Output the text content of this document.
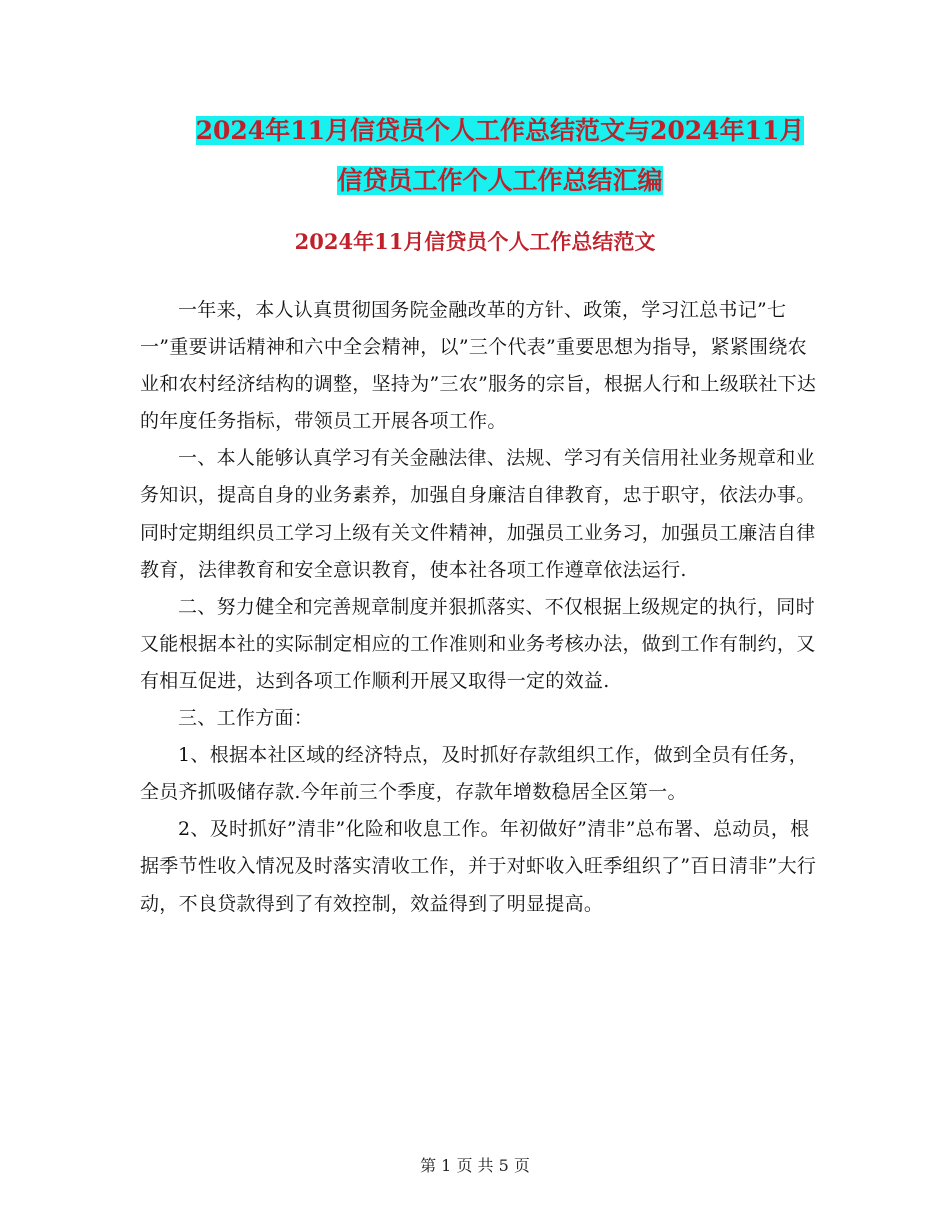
2024年11月信贷员个人工作总结范文与2024年11月
信贷员工作个人工作总结汇编
2024年11月信贷员个人工作总结范文

一年来，本人认真贯彻国务院金融改革的方针、政策，学习江总书记”七一”重要讲话精神和六中全会精神，以”三个代表”重要思想为指导，紧紧围绕农业和农村经济结构的调整，坚持为”三农”服务的宗旨，根据人行和上级联社下达的年度任务指标，带领员工开展各项工作。

一、本人能够认真学习有关金融法律、法规、学习有关信用社业务规章和业务知识，提高自身的业务素养，加强自身廉洁自律教育，忠于职守，依法办事。同时定期组织员工学习上级有关文件精神，加强员工业务习，加强员工廉洁自律教育，法律教育和安全意识教育，使本社各项工作遵章依法运行.

二、努力健全和完善规章制度并狠抓落实、不仅根据上级规定的执行，同时又能根据本社的实际制定相应的工作准则和业务考核办法，做到工作有制约，又有相互促进，达到各项工作顺利开展又取得一定的效益.

三、工作方面：

1、根据本社区域的经济特点，及时抓好存款组织工作，做到全员有任务，全员齐抓吸储存款.今年前三个季度，存款年增数稳居全区第一。

2、及时抓好”清非”化险和收息工作。年初做好”清非”总布署、总动员，根据季节性收入情况及时落实清收工作，并于对虾收入旺季组织了”百日清非”大行动，不良贷款得到了有效控制，效益得到了明显提高。

第 1 页 共 5 页
